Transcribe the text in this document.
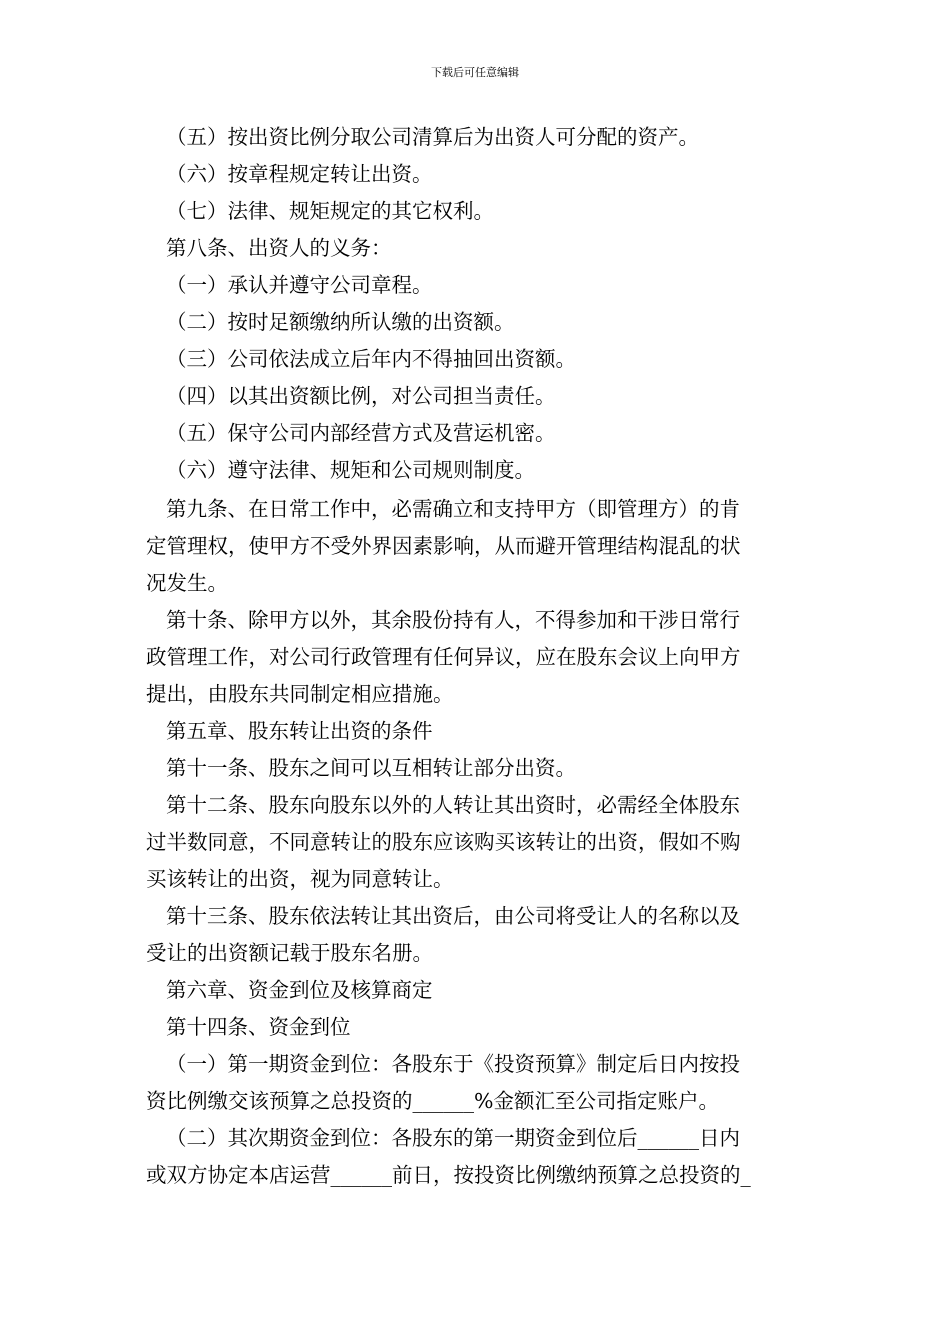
下载后可任意编辑
（五）按出资比例分取公司清算后为出资人可分配的资产。
（六）按章程规定转让出资。
（七）法律、规矩规定的其它权利。
第八条、出资人的义务：
（一）承认并遵守公司章程。
（二）按时足额缴纳所认缴的出资额。
（三）公司依法成立后年内不得抽回出资额。
（四）以其出资额比例，对公司担当责任。
（五）保守公司内部经营方式及营运机密。
（六）遵守法律、规矩和公司规则制度。
第九条、在日常工作中，必需确立和支持甲方（即管理方）的肯
定管理权，使甲方不受外界因素影响，从而避开管理结构混乱的状
况发生。
第十条、除甲方以外，其余股份持有人，不得参加和干涉日常行
政管理工作，对公司行政管理有任何异议，应在股东会议上向甲方
提出，由股东共同制定相应措施。
第五章、股东转让出资的条件
第十一条、股东之间可以互相转让部分出资。
第十二条、股东向股东以外的人转让其出资时，必需经全体股东
过半数同意，不同意转让的股东应该购买该转让的出资，假如不购
买该转让的出资，视为同意转让。
第十三条、股东依法转让其出资后，由公司将受让人的名称以及
受让的出资额记载于股东名册。
第六章、资金到位及核算商定
第十四条、资金到位
（一）第一期资金到位：各股东于《投资预算》制定后日内按投
资比例缴交该预算之总投资的______%金额汇至公司指定账户。
（二）其次期资金到位：各股东的第一期资金到位后______日内
或双方协定本店运营______前日，按投资比例缴纳预算之总投资的_
